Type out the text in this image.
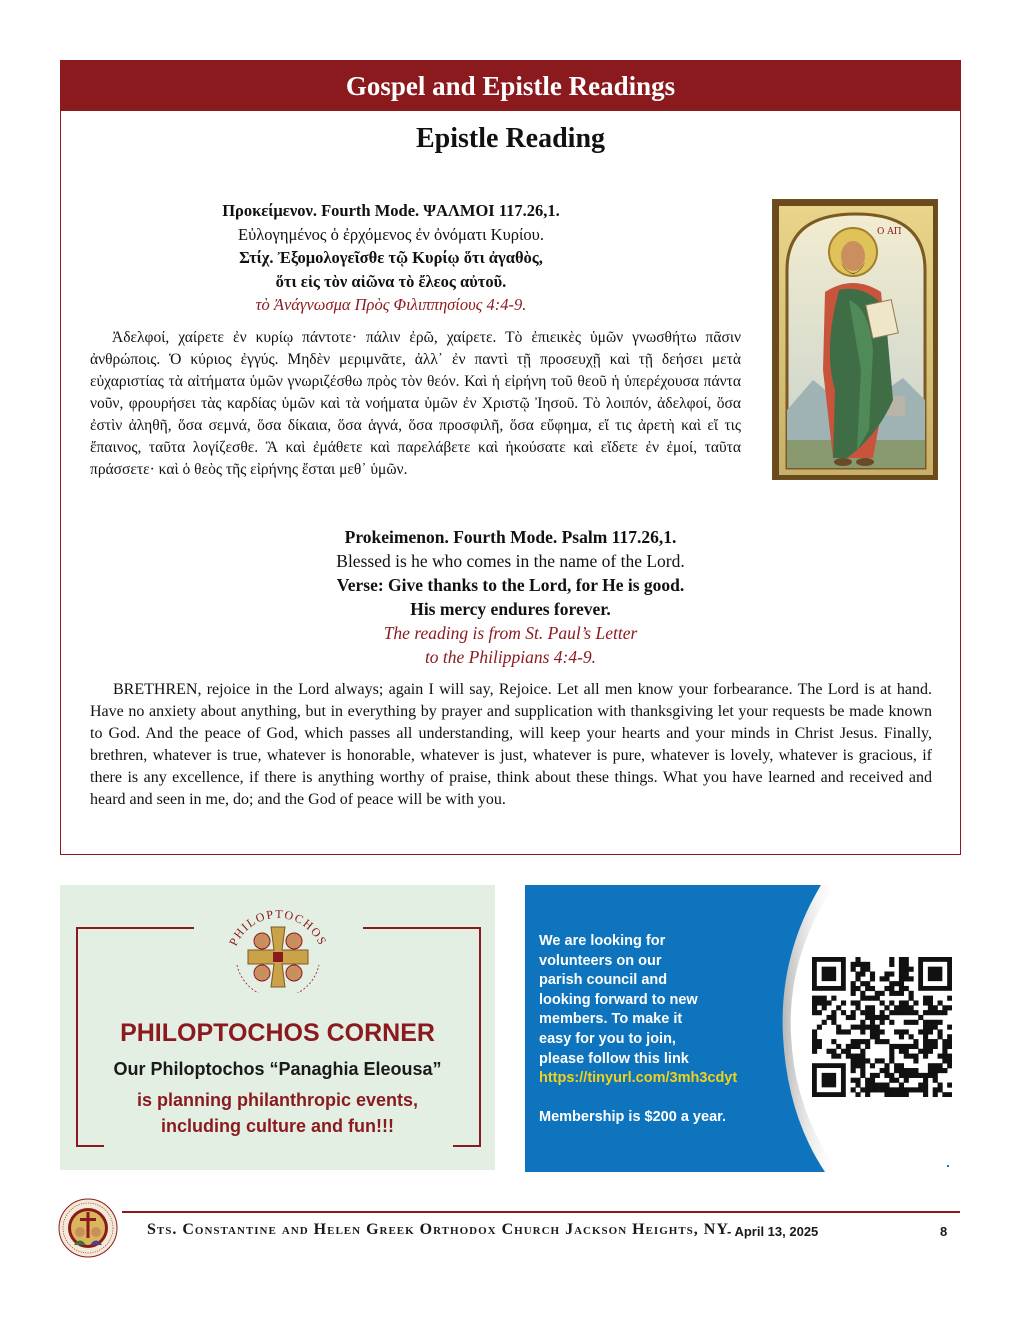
Gospel and Epistle Readings
Epistle Reading
Προκείμενον. Fourth Mode. ΨΑΛΜΟΙ 117.26,1.
Εὐλογημένος ὁ ἐρχόμενος ἐν ὀνόματι Κυρίου.
Στίχ. Ἐξομολογεῖσθε τῷ Κυρίῳ ὅτι ἀγαθὸς,
ὅτι εἰς τὸν αἰῶνα τὸ ἔλεος αὐτοῦ.
τὸ Ἀνάγνωσμα Πρὸς Φιλιππησίους 4:4-9.
Ο ΑΠ
Ἀδελφοί, χαίρετε ἐν κυρίῳ πάντοτε· πάλιν ἐρῶ, χαίρετε. Τὸ ἐπιεικὲς ὑμῶν γνωσθήτω πᾶσιν ἀνθρώποις. Ὁ κύριος ἐγγύς. Μηδὲν μεριμνᾶτε, ἀλλ᾽ ἐν παντὶ τῇ προσευχῇ καὶ τῇ δεήσει μετὰ εὐχαριστίας τὰ αἰτήματα ὑμῶν γνωριζέσθω πρὸς τὸν θεόν. Καὶ ἡ εἰρήνη τοῦ θεοῦ ἡ ὑπερέχουσα πάντα νοῦν, φρουρήσει τὰς καρδίας ὑμῶν καὶ τὰ νοήματα ὑμῶν ἐν Χριστῷ Ἰησοῦ. Τὸ λοιπόν, ἀδελφοί, ὅσα ἐστὶν ἀληθῆ, ὅσα σεμνά, ὅσα δίκαια, ὅσα ἁγνά, ὅσα προσφιλῆ, ὅσα εὔφημα, εἴ τις ἀρετὴ καὶ εἴ τις ἔπαινος, ταῦτα λογίζεσθε. Ἃ καὶ ἐμάθετε καὶ παρελάβετε καὶ ἠκούσατε καὶ εἴδετε ἐν ἐμοί, ταῦτα πράσσετε· καὶ ὁ θεὸς τῆς εἰρήνης ἔσται μεθ᾽ ὑμῶν.
Prokeimenon. Fourth Mode. Psalm 117.26,1.
Blessed is he who comes in the name of the Lord.
Verse: Give thanks to the Lord, for He is good.
His mercy endures forever.
The reading is from St. Paul’s Letter
to the Philippians 4:4-9.
BRETHREN, rejoice in the Lord always; again I will say, Rejoice. Let all men know your forbearance. The Lord is at hand. Have no anxiety about anything, but in everything by prayer and supplication with thanksgiving let your requests be made known to God. And the peace of God, which passes all understanding, will keep your hearts and your minds in Christ Jesus. Finally, brethren, whatever is true, whatever is honorable, whatever is just, whatever is pure, whatever is lovely, whatever is gracious, if there is any excellence, if there is anything worthy of praise, think about these things. What you have learned and received and heard and seen in me, do; and the God of peace will be with you.
PHILOPTOCHOS
PHILOPTOCHOS CORNER
Our Philoptochos “Panaghia Eleousa”
is planning philanthropic events,
including culture and fun!!!
We are looking for
volunteers on our
parish council and
looking forward to new
members. To make it
easy for you to join,
please follow this link
https://tinyurl.com/3mh3cdyt
Membership is $200 a year.
Sts. Constantine and Helen Greek Orthodox Church Jackson Heights, NY
- April 13, 2025	8
